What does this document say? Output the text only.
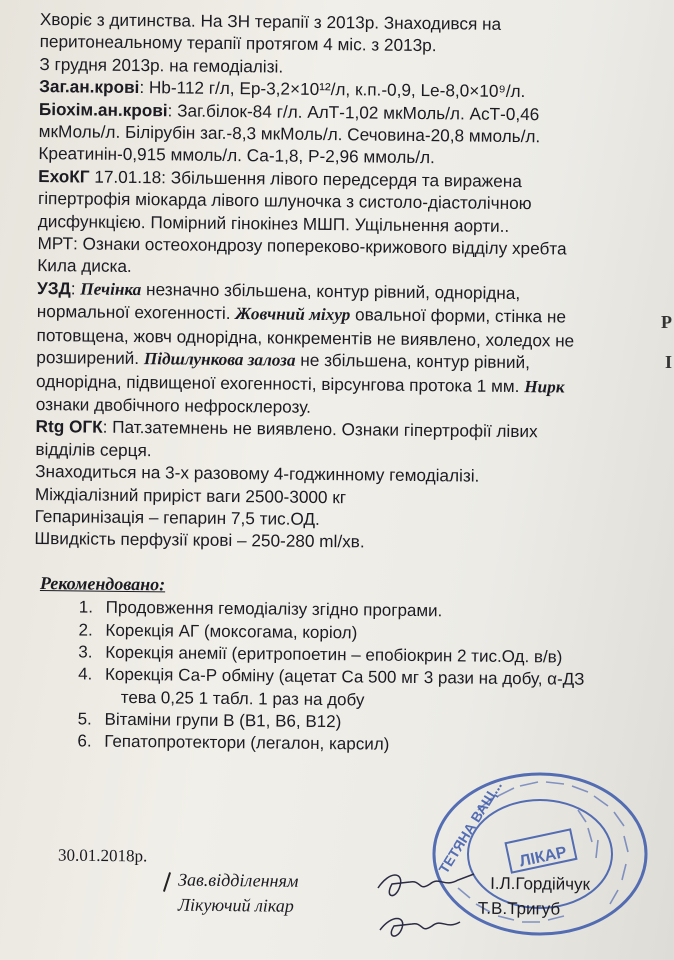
Хворіє з дитинства. На ЗН терапії з 2013р. Знаходився на
перитонеальному терапії протягом 4 міс. з 2013р.
З грудня 2013р. на гемодіалізі.
Заг.ан.крові: Hb-112 г/л, Ер-3,2×10¹²/л, к.п.-0,9, Le-8,0×10⁹/л.
Біохім.ан.крові: Заг.білок-84 г/л. АлТ-1,02 мкМоль/л. АсТ-0,46
мкМоль/л. Білірубін заг.-8,3 мкМоль/л. Сечовина-20,8 ммоль/л.
Креатинін-0,915 ммоль/л. Са-1,8, Р-2,96 ммоль/л.
ЕхоКГ 17.01.18: Збільшення лівого передсердя та виражена
гіпертрофія міокарда лівого шлуночка з систоло-діастолічною
дисфункцією. Помірний гінокінез МШП. Ущільнення аорти..
МРТ: Ознаки остеохондрозу попереково-крижового відділу хребта
Кила диска.
УЗД: Печінка незначно збільшена, контур рівний, однорідна,
нормальної ехогенності. Жовчний міхур овальної форми, стінка не
потовщена, жовч однорідна, конкрементів не виявлено, холедох не
розширений. Підшлункова залоза не збільшена, контур рівний,
однорідна, підвищеної ехогенності, вірсунгова протока 1 мм. Нирк
ознаки двобічного нефросклерозу.
Rtg ОГК: Пат.затемнень не виявлено. Ознаки гіпертрофії лівих
відділів серця.
Знаходиться на 3-х разовому 4-годжинному гемодіалізі.
Міждіалізний приріст ваги 2500-3000 кг
Гепаринізація – гепарин 7,5 тис.ОД.
Швидкість перфузії крові – 250-280 ml/хв.
Рекомендовано:
1. Продовження гемодіалізу згідно програми.
2. Корекція АГ (моксогама, коріол)
3. Корекція анемії (еритропоетин – епобіокрин 2 тис.Од. в/в)
4. Корекція Са-Р обміну (ацетат Са 500 мг 3 рази на добу, α-ДЗ
тева 0,25 1 табл. 1 раз на добу
5. Вітаміни групи В (В1, В6, В12)
6. Гепатопротектори (легалон, карсил)
Р
І
ЛІКАР
ТЕТЯНА ВАЩ...
30.01.2018р.
Зав.відділенням	І.Л.Гордійчук
Лікуючий лікар	Т.В.Тригуб
